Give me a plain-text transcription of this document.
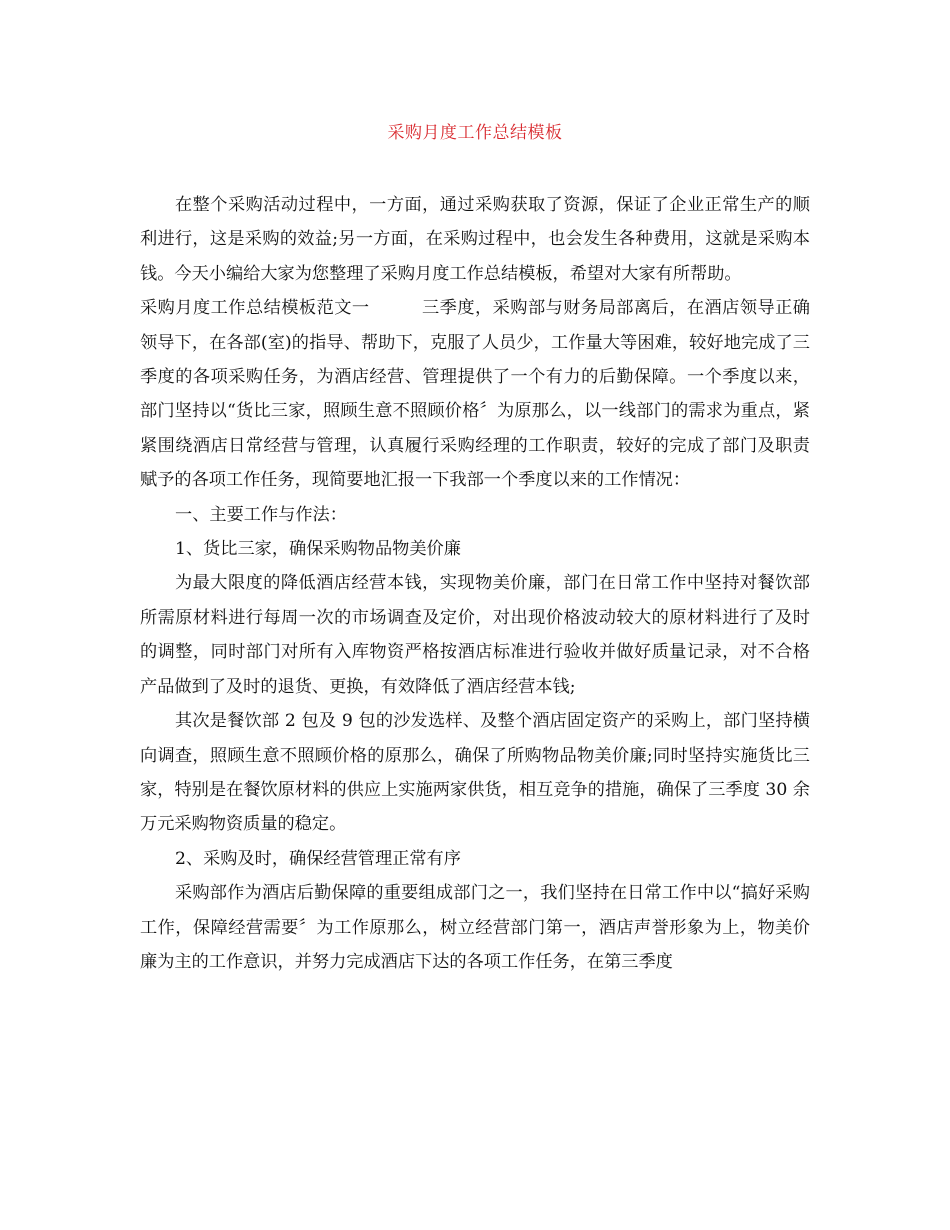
采购月度工作总结模板

在整个采购活动过程中，一方面，通过采购获取了资源，保证了企业正常生产的顺利进行，这是采购的效益;另一方面，在采购过程中，也会发生各种费用，这就是采购本钱。今天小编给大家为您整理了采购月度工作总结模板，希望对大家有所帮助。

采购月度工作总结模板范文一	三季度，采购部与财务局部离后，在酒店领导正确领导下，在各部(室)的指导、帮助下，克服了人员少，工作量大等困难，较好地完成了三季度的各项采购任务，为酒店经营、管理提供了一个有力的后勤保障。一个季度以来，部门坚持以“货比三家，照顾生意不照顾价格〞为原那么，以一线部门的需求为重点，紧紧围绕酒店日常经营与管理，认真履行采购经理的工作职责，较好的完成了部门及职责赋予的各项工作任务，现简要地汇报一下我部一个季度以来的工作情况：

一、主要工作与作法：

1、货比三家，确保采购物品物美价廉

为最大限度的降低酒店经营本钱，实现物美价廉，部门在日常工作中坚持对餐饮部所需原材料进行每周一次的市场调查及定价，对出现价格波动较大的原材料进行了及时的调整，同时部门对所有入库物资严格按酒店标准进行验收并做好质量记录，对不合格产品做到了及时的退货、更换，有效降低了酒店经营本钱;

其次是餐饮部 2 包及 9 包的沙发选样、及整个酒店固定资产的采购上，部门坚持横向调查，照顾生意不照顾价格的原那么，确保了所购物品物美价廉;同时坚持实施货比三家，特别是在餐饮原材料的供应上实施两家供货，相互竞争的措施，确保了三季度 30 余万元采购物资质量的稳定。

2、采购及时，确保经营管理正常有序

采购部作为酒店后勤保障的重要组成部门之一，我们坚持在日常工作中以“搞好采购工作，保障经营需要〞为工作原那么，树立经营部门第一，酒店声誉形象为上，物美价廉为主的工作意识，并努力完成酒店下达的各项工作任务，在第三季度
